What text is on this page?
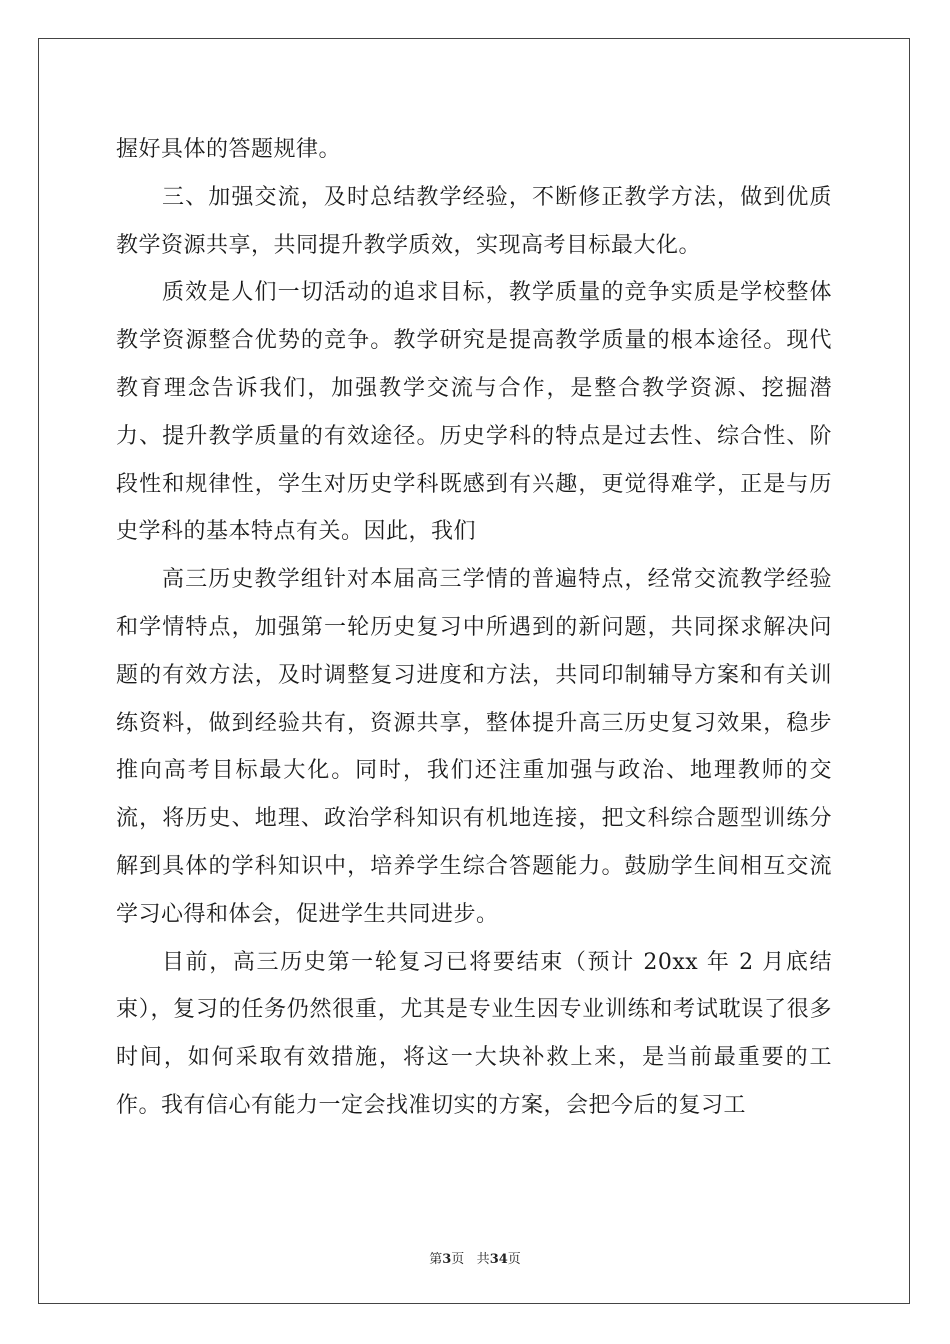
握好具体的答题规律。

三、加强交流，及时总结教学经验，不断修正教学方法，做到优质教学资源共享，共同提升教学质效，实现高考目标最大化。

质效是人们一切活动的追求目标，教学质量的竞争实质是学校整体教学资源整合优势的竞争。教学研究是提高教学质量的根本途径。现代教育理念告诉我们，加强教学交流与合作，是整合教学资源、挖掘潜力、提升教学质量的有效途径。历史学科的特点是过去性、综合性、阶段性和规律性，学生对历史学科既感到有兴趣，更觉得难学，正是与历史学科的基本特点有关。因此，我们

高三历史教学组针对本届高三学情的普遍特点，经常交流教学经验和学情特点，加强第一轮历史复习中所遇到的新问题，共同探求解决问题的有效方法，及时调整复习进度和方法，共同印制辅导方案和有关训练资料，做到经验共有，资源共享，整体提升高三历史复习效果，稳步推向高考目标最大化。同时，我们还注重加强与政治、地理教师的交流，将历史、地理、政治学科知识有机地连接，把文科综合题型训练分解到具体的学科知识中，培养学生综合答题能力。鼓励学生间相互交流学习心得和体会，促进学生共同进步。

目前，高三历史第一轮复习已将要结束（预计 20xx 年 2 月底结束），复习的任务仍然很重，尤其是专业生因专业训练和考试耽误了很多时间，如何采取有效措施，将这一大块补救上来，是当前最重要的工作。我有信心有能力一定会找准切实的方案，会把今后的复习工

第3页 共34页
